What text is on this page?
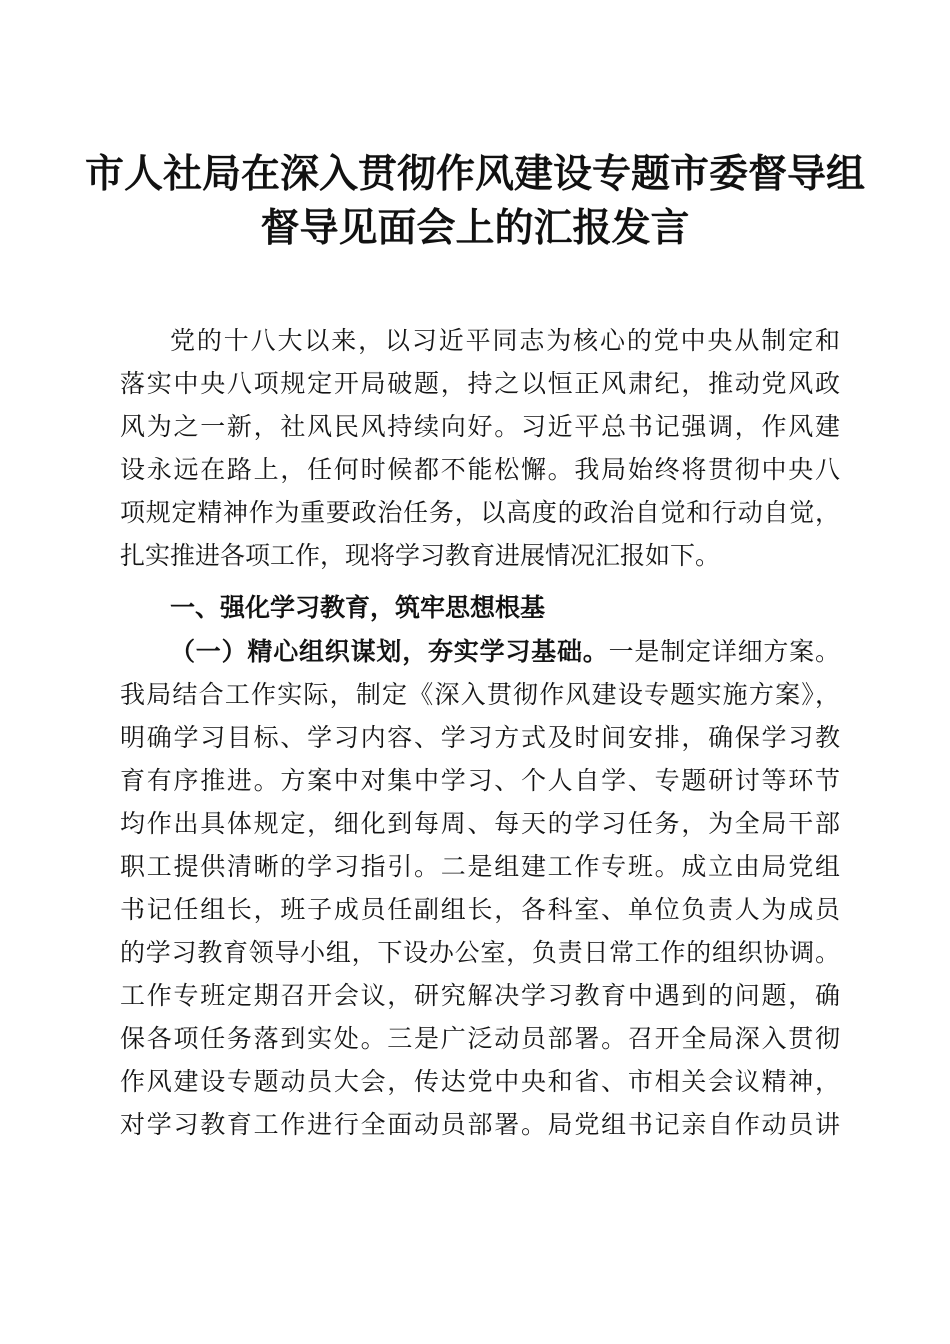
市人社局在深入贯彻作风建设专题市委督导组
督导见面会上的汇报发言
党的十八大以来，以习近平同志为核心的党中央从制定和
落实中央八项规定开局破题，持之以恒正风肃纪，推动党风政
风为之一新，社风民风持续向好。习近平总书记强调，作风建
设永远在路上，任何时候都不能松懈。我局始终将贯彻中央八
项规定精神作为重要政治任务，以高度的政治自觉和行动自觉，
扎实推进各项工作，现将学习教育进展情况汇报如下。
一、强化学习教育，筑牢思想根基
（一）精心组织谋划，夯实学习基础。一是制定详细方案。
我局结合工作实际，制定《深入贯彻作风建设专题实施方案》，
明确学习目标、学习内容、学习方式及时间安排，确保学习教
育有序推进。方案中对集中学习、个人自学、专题研讨等环节
均作出具体规定，细化到每周、每天的学习任务，为全局干部
职工提供清晰的学习指引。二是组建工作专班。成立由局党组
书记任组长，班子成员任副组长，各科室、单位负责人为成员
的学习教育领导小组，下设办公室，负责日常工作的组织协调。
工作专班定期召开会议，研究解决学习教育中遇到的问题，确
保各项任务落到实处。三是广泛动员部署。召开全局深入贯彻
作风建设专题动员大会，传达党中央和省、市相关会议精神，
对学习教育工作进行全面动员部署。局党组书记亲自作动员讲
